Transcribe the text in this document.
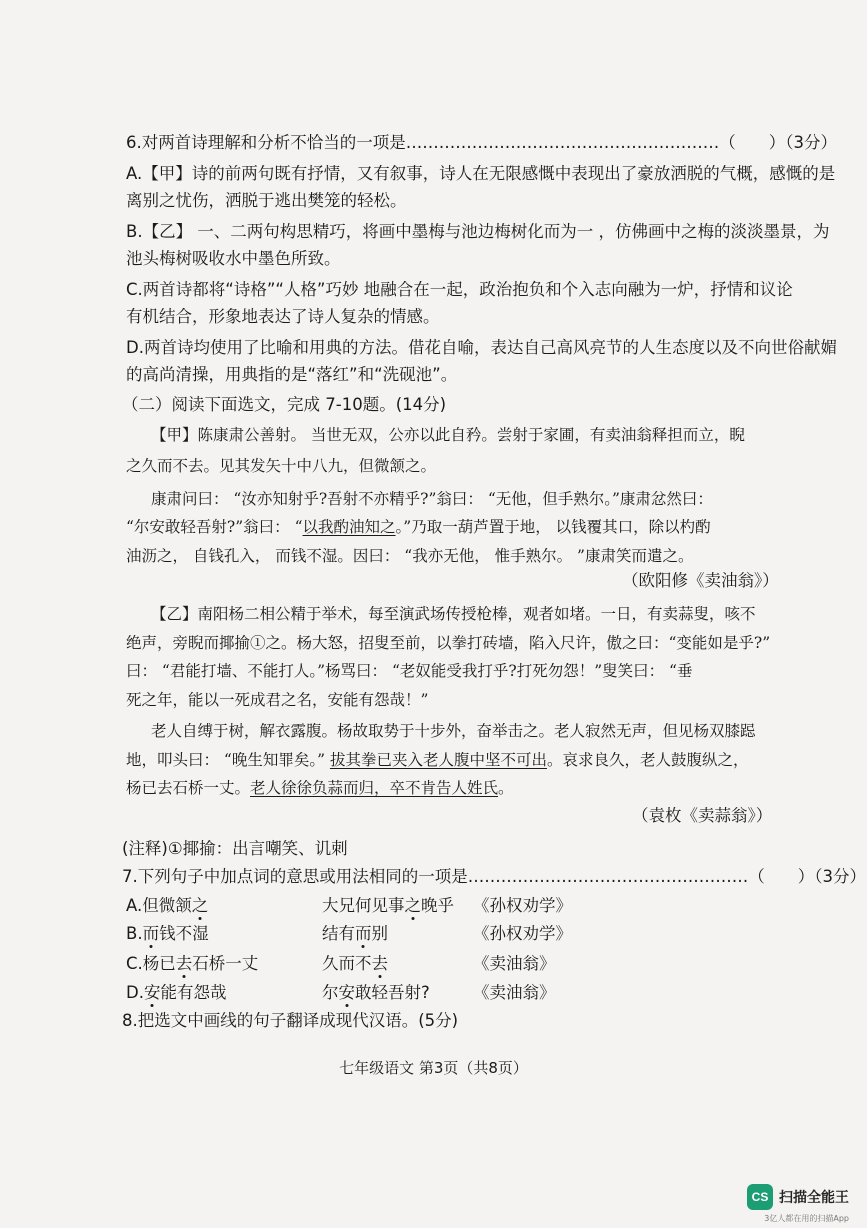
6.对两首诗理解和分析不恰当的一项是…………………………………………………（　　）（3分）
A.【甲】诗的前两句既有抒情，又有叙事，诗人在无限感慨中表现出了豪放洒脱的气概，感慨的是
离别之忧伤，洒脱于逃出樊笼的轻松。
B.【乙】 一、二两句构思精巧，将画中墨梅与池边梅树化而为一 ，仿佛画中之梅的淡淡墨景，为
池头梅树吸收水中墨色所致。
C.两首诗都将“诗格”“人格”巧妙 地融合在一起，政治抱负和个入志向融为一炉，抒情和议论
有机结合，形象地表达了诗人复杂的情感。
D.两首诗均使用了比喻和用典的方法。借花自喻，表达自己高风亮节的人生态度以及不向世俗献媚
的高尚清操，用典指的是“落红”和“洗砚池”。
（二）阅读下面选文，完成 7-10题。(14分)
【甲】陈康肃公善射。 当世无双，公亦以此自矜。尝射于家圃，有卖油翁释担而立，睨
之久而不去。见其发矢十中八九，但微颔之。
康肃问曰： “汝亦知射乎?吾射不亦精乎?”翁曰： “无他，但手熟尔。”康肃忿然曰：
“尔安敢轻吾射?”翁曰： “以我酌油知之。”乃取一葫芦置于地， 以钱覆其口，除以杓酌
油沥之， 自钱孔入， 而钱不湿。因曰： “我亦无他， 惟手熟尔。 ”康肃笑而遣之。
（欧阳修《卖油翁》）
【乙】南阳杨二相公精于举术，每至演武场传授枪棒，观者如堵。一日，有卖蒜叟，咳不
绝声，旁睨而揶揄①之。杨大怒，招叟至前，以拳打砖墙，陷入尺许，傲之曰：“变能如是乎?”
曰： “君能打墙、不能打人。”杨骂曰： “老奴能受我打乎?打死勿怨！”叟笑曰： “垂
死之年，能以一死成君之名，安能有怨哉！”
老人自缚于树，解衣露腹。杨故取势于十步外，奋举击之。老人寂然无声，但见杨双膝跽
地，叩头曰： “晚生知罪矣。” 拔其拳已夹入老人腹中坚不可出。哀求良久，老人鼓腹纵之，
杨已去石桥一丈。老人徐徐负蒜而归，卒不肯告人姓氏。
（袁枚《卖蒜翁》）
(注释)①揶揄：出言嘲笑、讥刺
7.下列句子中加点词的意思或用法相同的一项是……………………………………………（　　）（3分）
A.但微颔之	大兄何见事之晚乎 《孙权劝学》
B.而钱不湿	结有而别	《孙权劝学》
C.杨已去石桥一丈	久而不去	《卖油翁》
D.安能有怨哉	尔安敢轻吾射?	《卖油翁》
8.把选文中画线的句子翻译成现代汉语。(5分)
七年级语文 第3页（共8页）
CS 扫描全能王
3亿人都在用的扫描App
